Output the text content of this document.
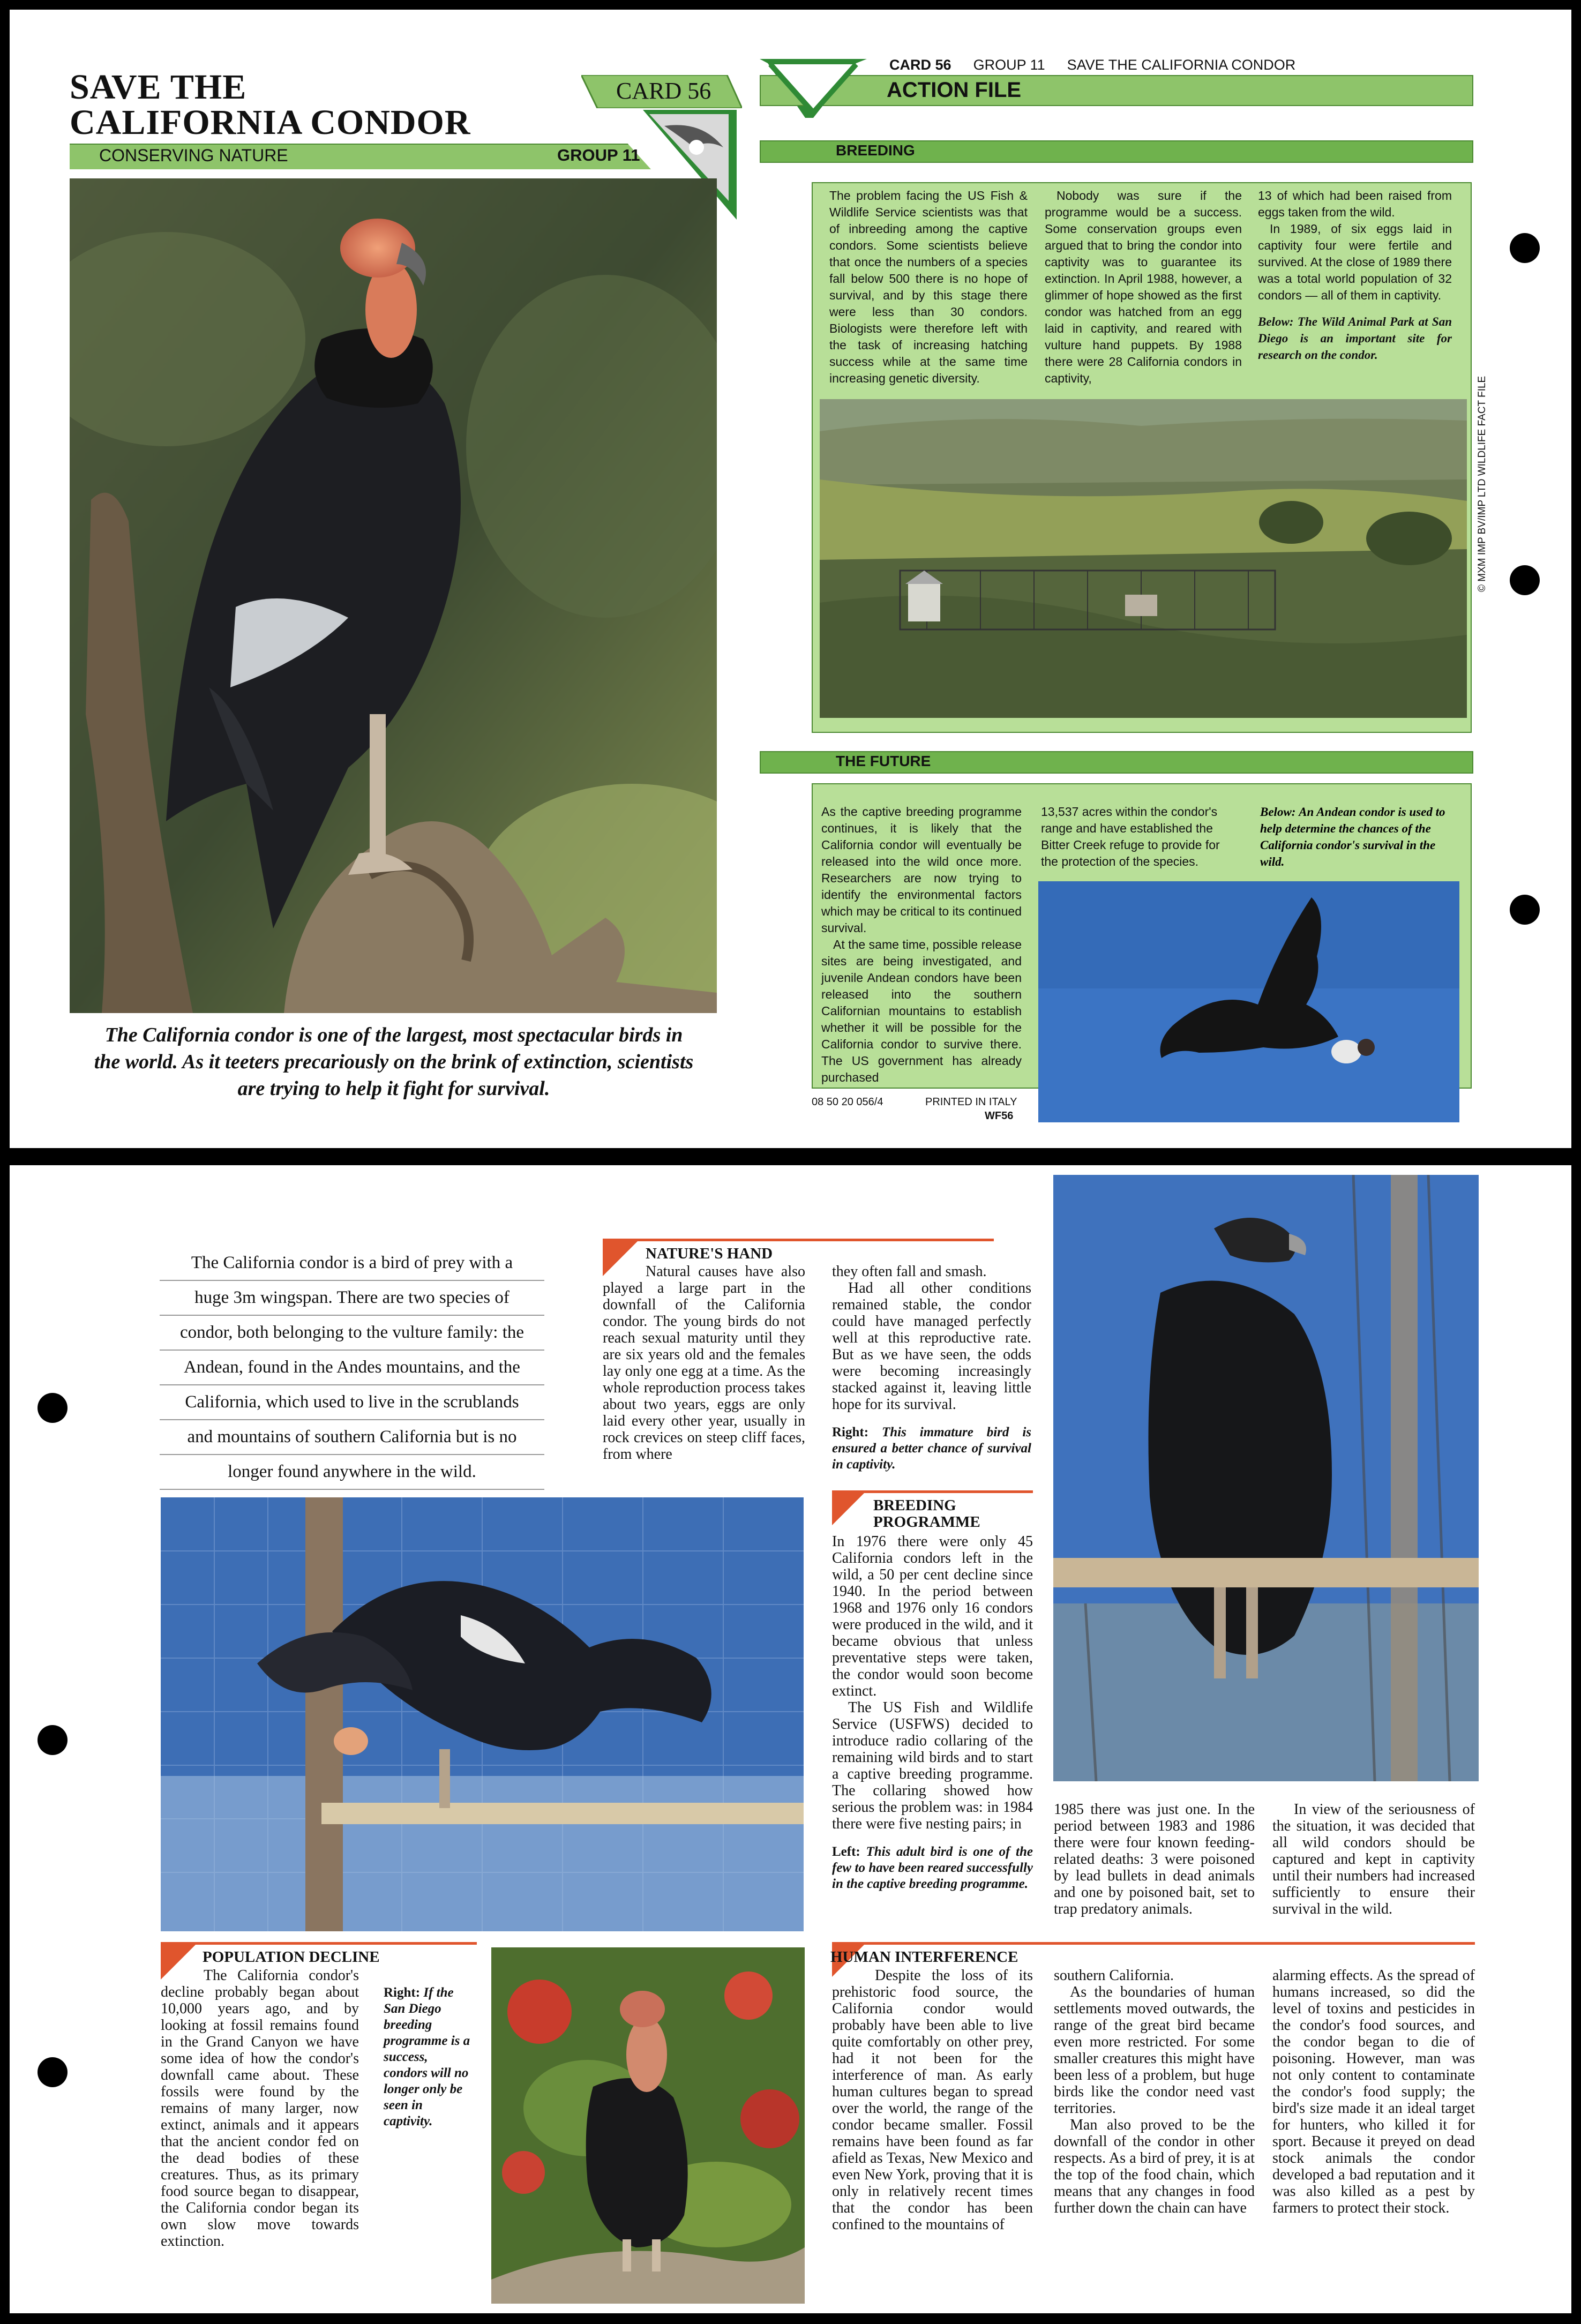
SAVE THE
CALIFORNIA CONDOR
CONSERVING NATURE	GROUP 11
CARD 56
The California condor is one of the largest, most spectacular birds in the world. As it teeters precariously on the brink of extinction, scientists are trying to help it fight for survival.
CARD 56 GROUP 11 SAVE THE CALIFORNIA CONDOR
ACTION FILE
BREEDING

The problem facing the US Fish & Wildlife Service scientists was that of inbreeding among the captive condors. Some scientists believe that once the numbers of a species fall below 500 there is no hope of survival, and by this stage there were less than 30 condors. Biologists were therefore left with the task of increasing hatching success while at the same time increasing genetic diversity.

Nobody was sure if the programme would be a success. Some conservation groups even argued that to bring the condor into captivity was to guarantee its extinction. In April 1988, however, a glimmer of hope showed as the first condor was hatched from an egg laid in captivity, and reared with vulture hand puppets. By 1988 there were 28 California condors in captivity,

13 of which had been raised from eggs taken from the wild.

In 1989, of six eggs laid in captivity four were fertile and survived. At the close of 1989 there was a total world population of 32 condors — all of them in captivity.

Below: The Wild Animal Park at San Diego is an important site for research on the condor.
THE FUTURE

As the captive breeding programme continues, it is likely that the California condor will eventually be released into the wild once more. Researchers are now trying to identify the environmental factors which may be critical to its continued survival.

At the same time, possible release sites are being investigated, and juvenile Andean condors have been released into the southern Californian mountains to establish whether it will be possible for the California condor to survive there. The US government has already purchased

13,537 acres within the condor's range and have established the Bitter Creek refuge to provide for the protection of the species.

Below: An Andean condor is used to help determine the chances of the California condor's survival in the wild.
© MXM IMP BV/IMP LTD WILDLIFE FACT FILE
08 50 20 056/4	PRINTED IN ITALY
WF56
The California condor is a bird of prey with a
huge 3m wingspan. There are two species of
condor, both belonging to the vulture family: the
Andean, found in the Andes mountains, and the
California, which used to live in the scrublands
and mountains of southern California but is no
longer found anywhere in the wild.
NATURE'S HAND

Natural causes have also played a large part in the downfall of the California condor. The young birds do not reach sexual maturity until they are six years old and the females lay only one egg at a time. As the whole reproduction process takes about two years, eggs are only laid every other year, usually in rock crevices on steep cliff faces, from where

they often fall and smash.

Had all other conditions remained stable, the condor could have managed perfectly well at this reproductive rate. But as we have seen, the odds were becoming increasingly stacked against it, leaving little hope for its survival.

Right: This immature bird is ensured a better chance of survival in captivity.
BREEDING
PROGRAMME

In 1976 there were only 45 California condors left in the wild, a 50 per cent decline since 1940. In the period between 1968 and 1976 only 16 condors were produced in the wild, and it became obvious that unless preventative steps were taken, the condor would soon become extinct.

The US Fish and Wildlife Service (USFWS) decided to introduce radio collaring of the remaining wild birds and to start a captive breeding programme. The collaring showed how serious the problem was: in 1984 there were five nesting pairs; in

Left: This adult bird is one of the few to have been reared successfully in the captive breeding programme.

1985 there was just one. In the period between 1983 and 1986 there were four known feeding-related deaths: 3 were poisoned by lead bullets in dead animals and one by poisoned bait, set to trap predatory animals.

In view of the seriousness of the situation, it was decided that all wild condors should be captured and kept in captivity until their numbers had increased sufficiently to ensure their survival in the wild.

POPULATION DECLINE

The California condor's decline probably began about 10,000 years ago, and by looking at fossil remains found in the Grand Canyon we have some idea of how the condor's downfall came about. These fossils were found by the remains of many larger, now extinct, animals and it appears that the ancient condor fed on the dead bodies of these creatures. Thus, as its primary food source began to disappear, the California condor began its own slow move towards extinction.

Right: If the San Diego breeding programme is a success, condors will no longer only be seen in captivity.
HUMAN INTERFERENCE

Despite the loss of its prehistoric food source, the California condor would probably have been able to live quite comfortably on other prey, had it not been for the interference of man. As early human cultures began to spread over the world, the range of the condor became smaller. Fossil remains have been found as far afield as Texas, New Mexico and even New York, proving that it is only in relatively recent times that the condor has been confined to the mountains of

southern California.

As the boundaries of human settlements moved outwards, the range of the great bird became even more restricted. For some smaller creatures this might have been less of a problem, but huge birds like the condor need vast territories.

Man also proved to be the downfall of the condor in other respects. As a bird of prey, it is at the top of the food chain, which means that any changes in food further down the chain can have

alarming effects. As the spread of humans increased, so did the level of toxins and pesticides in the condor's food sources, and the condor began to die of poisoning. However, man was not only content to contaminate the condor's food supply; the bird's size made it an ideal target for hunters, who killed it for sport. Because it preyed on dead stock animals the condor developed a bad reputation and it was also killed as a pest by farmers to protect their stock.
